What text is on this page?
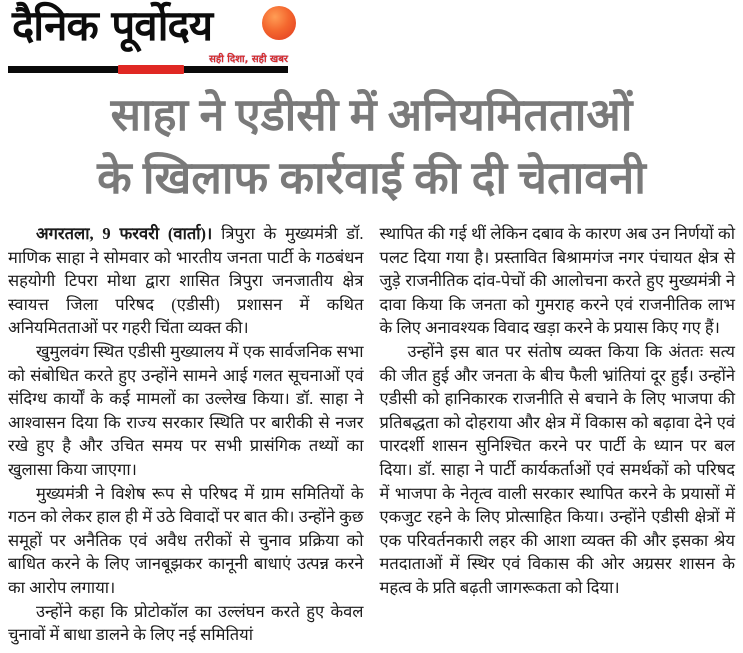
दैनिक पूर्वोदय
सही दिशा, सही खबर
साहा ने एडीसी में अनियमितताओं
के खिलाफ कार्रवाई की दी चेतावनी

अगरतला, 9 फरवरी (वार्ता)। त्रिपुरा के मुख्यमंत्री डॉ. माणिक साहा ने सोमवार को भारतीय जनता पार्टी के गठबंधन सहयोगी टिपरा मोथा द्वारा शासित त्रिपुरा जनजातीय क्षेत्र स्वायत्त जिला परिषद (एडीसी) प्रशासन में कथित अनियमितताओं पर गहरी चिंता व्यक्त की।

खुमुलवंग स्थित एडीसी मुख्यालय में एक सार्वजनिक सभा को संबोधित करते हुए उन्होंने सामने आई गलत सूचनाओं एवं संदिग्ध कार्यों के कई मामलों का उल्लेख किया। डॉ. साहा ने आश्वासन दिया कि राज्य सरकार स्थिति पर बारीकी से नजर रखे हुए है और उचित समय पर सभी प्रासंगिक तथ्यों का खुलासा किया जाएगा।

मुख्यमंत्री ने विशेष रूप से परिषद में ग्राम समितियों के गठन को लेकर हाल ही में उठे विवादों पर बात की। उन्होंने कुछ समूहों पर अनैतिक एवं अवैध तरीकों से चुनाव प्रक्रिया को बाधित करने के लिए जानबूझकर कानूनी बाधाएं उत्पन्न करने का आरोप लगाया।

उन्होंने कहा कि प्रोटोकॉल का उल्लंघन करते हुए केवल चुनावों में बाधा डालने के लिए नई समितियां

स्थापित की गई थीं लेकिन दबाव के कारण अब उन निर्णयों को पलट दिया गया है। प्रस्तावित बिश्रामगंज नगर पंचायत क्षेत्र से जुड़े राजनीतिक दांव-पेचों की आलोचना करते हुए मुख्यमंत्री ने दावा किया कि जनता को गुमराह करने एवं राजनीतिक लाभ के लिए अनावश्यक विवाद खड़ा करने के प्रयास किए गए हैं।

उन्होंने इस बात पर संतोष व्यक्त किया कि अंततः सत्य की जीत हुई और जनता के बीच फैली भ्रांतियां दूर हुईं। उन्होंने एडीसी को हानिकारक राजनीति से बचाने के लिए भाजपा की प्रतिबद्धता को दोहराया और क्षेत्र में विकास को बढ़ावा देने एवं पारदर्शी शासन सुनिश्चित करने पर पार्टी के ध्यान पर बल दिया। डॉ. साहा ने पार्टी कार्यकर्ताओं एवं समर्थकों को परिषद में भाजपा के नेतृत्व वाली सरकार स्थापित करने के प्रयासों में एकजुट रहने के लिए प्रोत्साहित किया। उन्होंने एडीसी क्षेत्रों में एक परिवर्तनकारी लहर की आशा व्यक्त की और इसका श्रेय मतदाताओं में स्थिर एवं विकास की ओर अग्रसर शासन के महत्व के प्रति बढ़ती जागरूकता को दिया।
